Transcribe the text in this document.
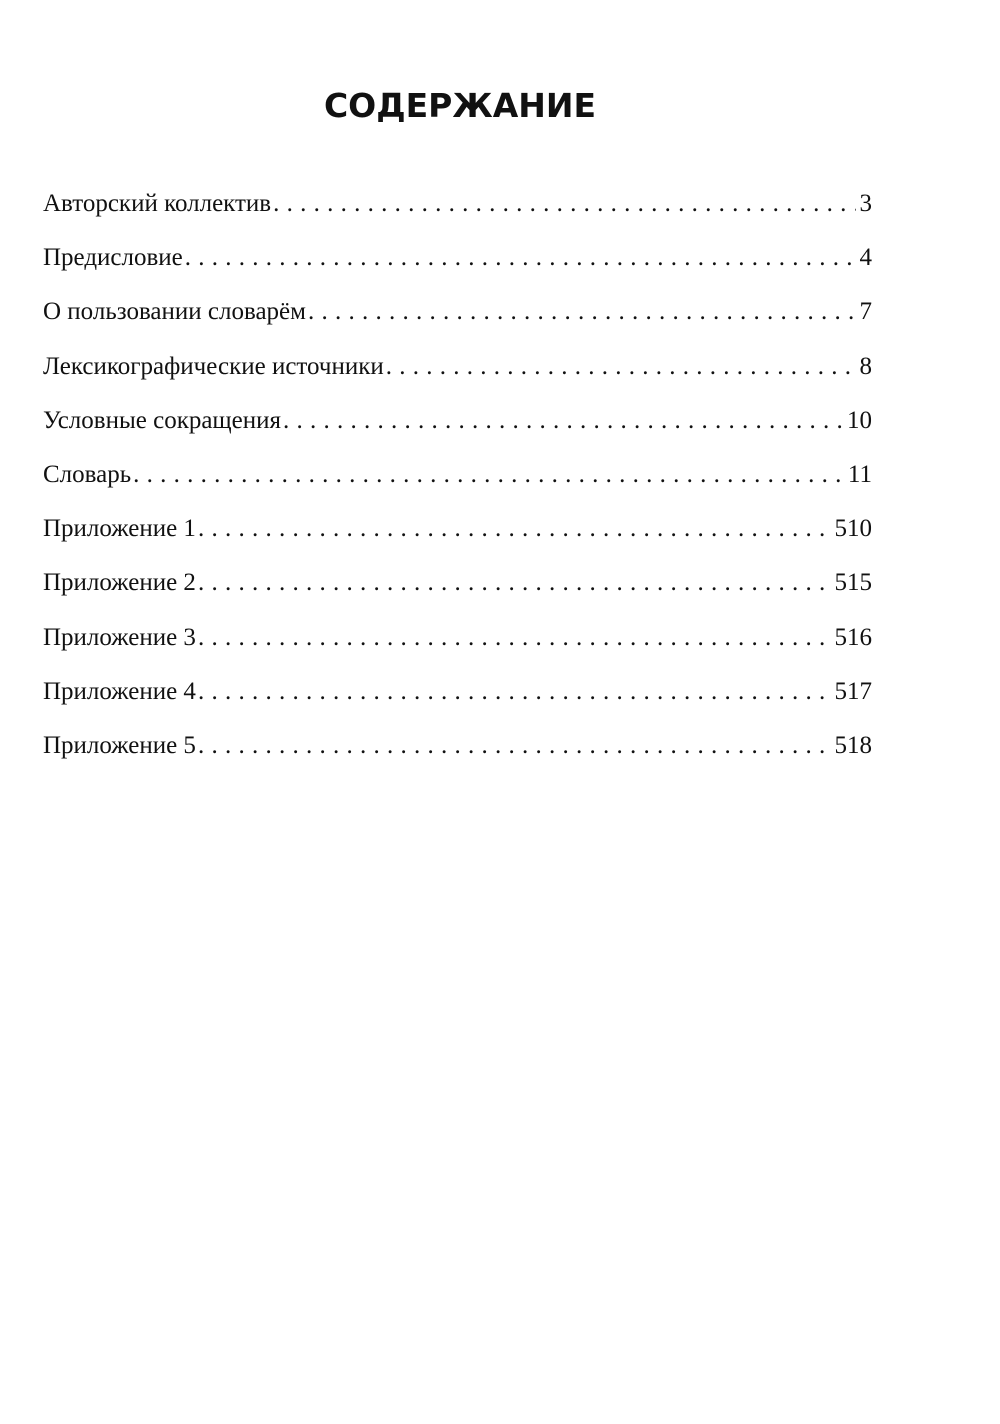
СОДЕРЖАНИЕ
Авторский коллектив . . .	3
Предисловие . . .	4
О пользовании словарём . . .	7
Лексикографические источники . . .	8
Условные сокращения . . .	10
Словарь . . .	11
Приложение 1 . . .	510
Приложение 2 . . .	515
Приложение 3 . . .	516
Приложение 4 . . .	517
Приложение 5 . . .	518
